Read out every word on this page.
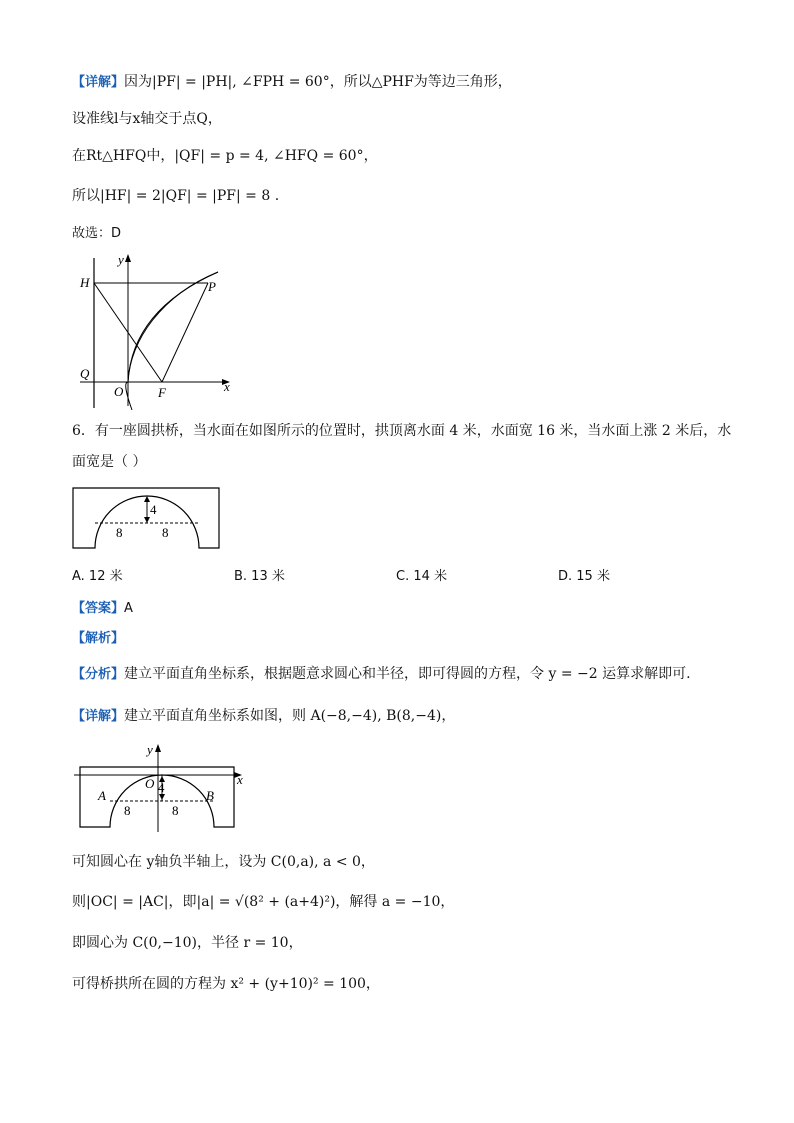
【详解】因为|PF| = |PH|, ∠FPH = 60°，所以△PHF为等边三角形，
设准线l与x轴交于点Q，
在Rt△HFQ中，|QF| = p = 4, ∠HFQ = 60°，
所以|HF| = 2|QF| = |PF| = 8 .
故选：D
H	P
Q
O	F	x
y
6．有一座圆拱桥，当水面在如图所示的位置时，拱顶离水面 4 米，水面宽 16 米，当水面上涨 2 米后，水
面宽是（ ）
4
8	8
A. 12 米	B. 13 米	C. 14 米	D. 15 米
【答案】A
【解析】
【分析】建立平面直角坐标系，根据题意求圆心和半径，即可得圆的方程，令 y = −2 运算求解即可.
【详解】建立平面直角坐标系如图，则 A(−8,−4), B(8,−4)，
O 4
A	B
8	8
x
y
可知圆心在 y轴负半轴上，设为 C(0,a), a < 0，
则|OC| = |AC|，即|a| = √(8² + (a+4)²)，解得 a = −10，
即圆心为 C(0,−10)，半径 r = 10，
可得桥拱所在圆的方程为 x² + (y+10)² = 100，
